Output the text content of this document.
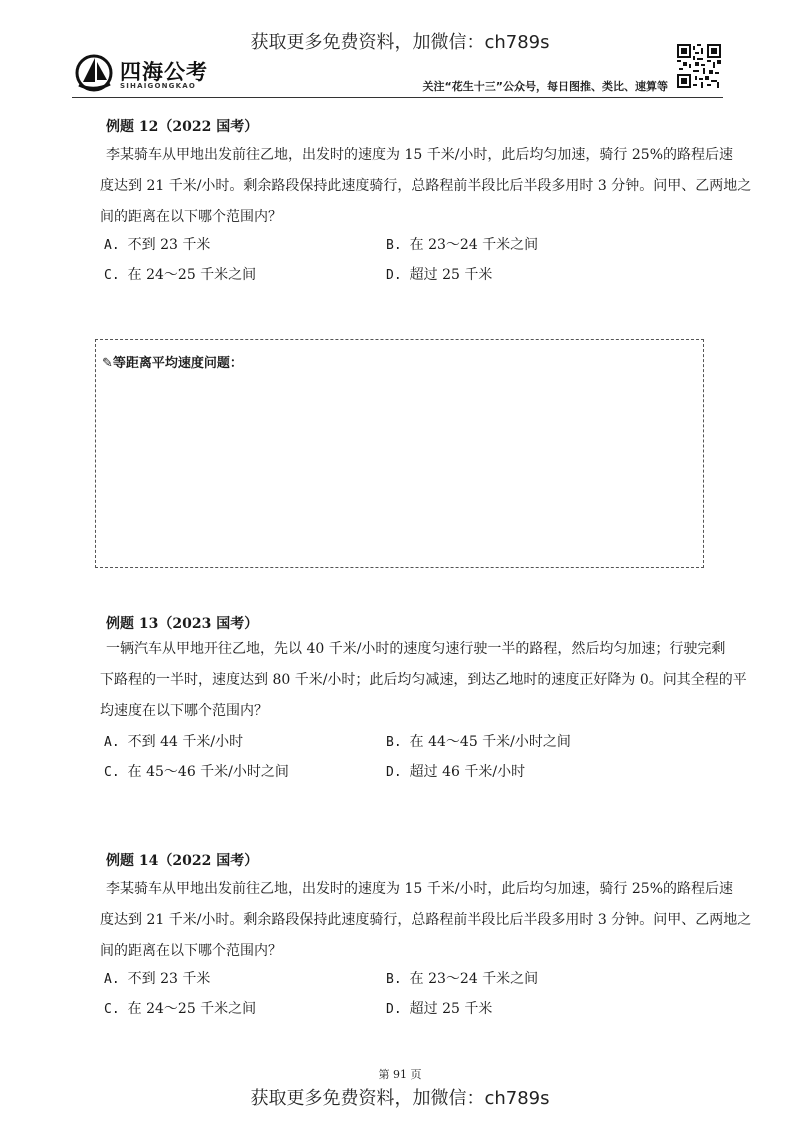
获取更多免费资料，加微信：ch789s
四海公考
SIHAIGONGKAO	关注“花生十三”公众号，每日图推、类比、速算等
例题 12（2022 国考）
李某骑车从甲地出发前往乙地，出发时的速度为 15 千米/小时，此后均匀加速，骑行 25%的路程后速
度达到 21 千米/小时。剩余路段保持此速度骑行，总路程前半段比后半段多用时 3 分钟。问甲、乙两地之
间的距离在以下哪个范围内？
A. 不到 23 千米	B. 在 23～24 千米之间
C. 在 24～25 千米之间	D. 超过 25 千米
✎等距离平均速度问题：
例题 13（2023 国考）
一辆汽车从甲地开往乙地，先以 40 千米/小时的速度匀速行驶一半的路程，然后均匀加速；行驶完剩
下路程的一半时，速度达到 80 千米/小时；此后均匀减速，到达乙地时的速度正好降为 0。问其全程的平
均速度在以下哪个范围内？
A. 不到 44 千米/小时	B. 在 44～45 千米/小时之间
C. 在 45～46 千米/小时之间	D. 超过 46 千米/小时
例题 14（2022 国考）
李某骑车从甲地出发前往乙地，出发时的速度为 15 千米/小时，此后均匀加速，骑行 25%的路程后速
度达到 21 千米/小时。剩余路段保持此速度骑行，总路程前半段比后半段多用时 3 分钟。问甲、乙两地之
间的距离在以下哪个范围内？
A. 不到 23 千米	B. 在 23～24 千米之间
C. 在 24～25 千米之间	D. 超过 25 千米
第 91 页
获取更多免费资料，加微信：ch789s
